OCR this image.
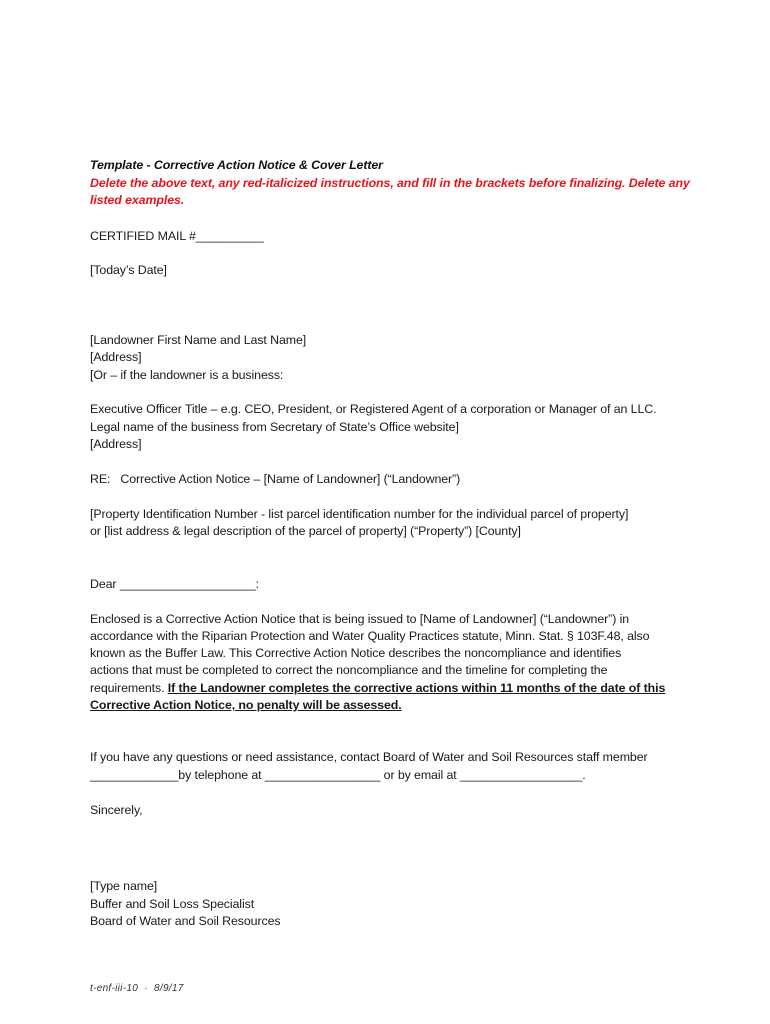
Template - Corrective Action Notice & Cover Letter

Delete the above text, any red-italicized instructions, and fill in the brackets before finalizing. Delete any

listed examples.

CERTIFIED MAIL #__________

[Today’s Date]

[Landowner First Name and Last Name]

[Address]

[Or – if the landowner is a business:

Executive Officer Title – e.g. CEO, President, or Registered Agent of a corporation or Manager of an LLC.

Legal name of the business from Secretary of State’s Office website]

[Address]

RE:   Corrective Action Notice – [Name of Landowner] (“Landowner”)

[Property Identification Number - list parcel identification number for the individual parcel of property]

or [list address & legal description of the parcel of property] (“Property”) [County]

Dear ____________________:

Enclosed is a Corrective Action Notice that is being issued to [Name of Landowner] (“Landowner”) in

accordance with the Riparian Protection and Water Quality Practices statute, Minn. Stat. § 103F.48, also

known as the Buffer Law. This Corrective Action Notice describes the noncompliance and identifies

actions that must be completed to correct the noncompliance and the timeline for completing the

requirements. If the Landowner completes the corrective actions within 11 months of the date of this

Corrective Action Notice, no penalty will be assessed.

If you have any questions or need assistance, contact Board of Water and Soil Resources staff member

_____________by telephone at _________________ or by email at __________________.

Sincerely,

[Type name]

Buffer and Soil Loss Specialist

Board of Water and Soil Resources

t-enf-iii-10  ·  8/9/17
